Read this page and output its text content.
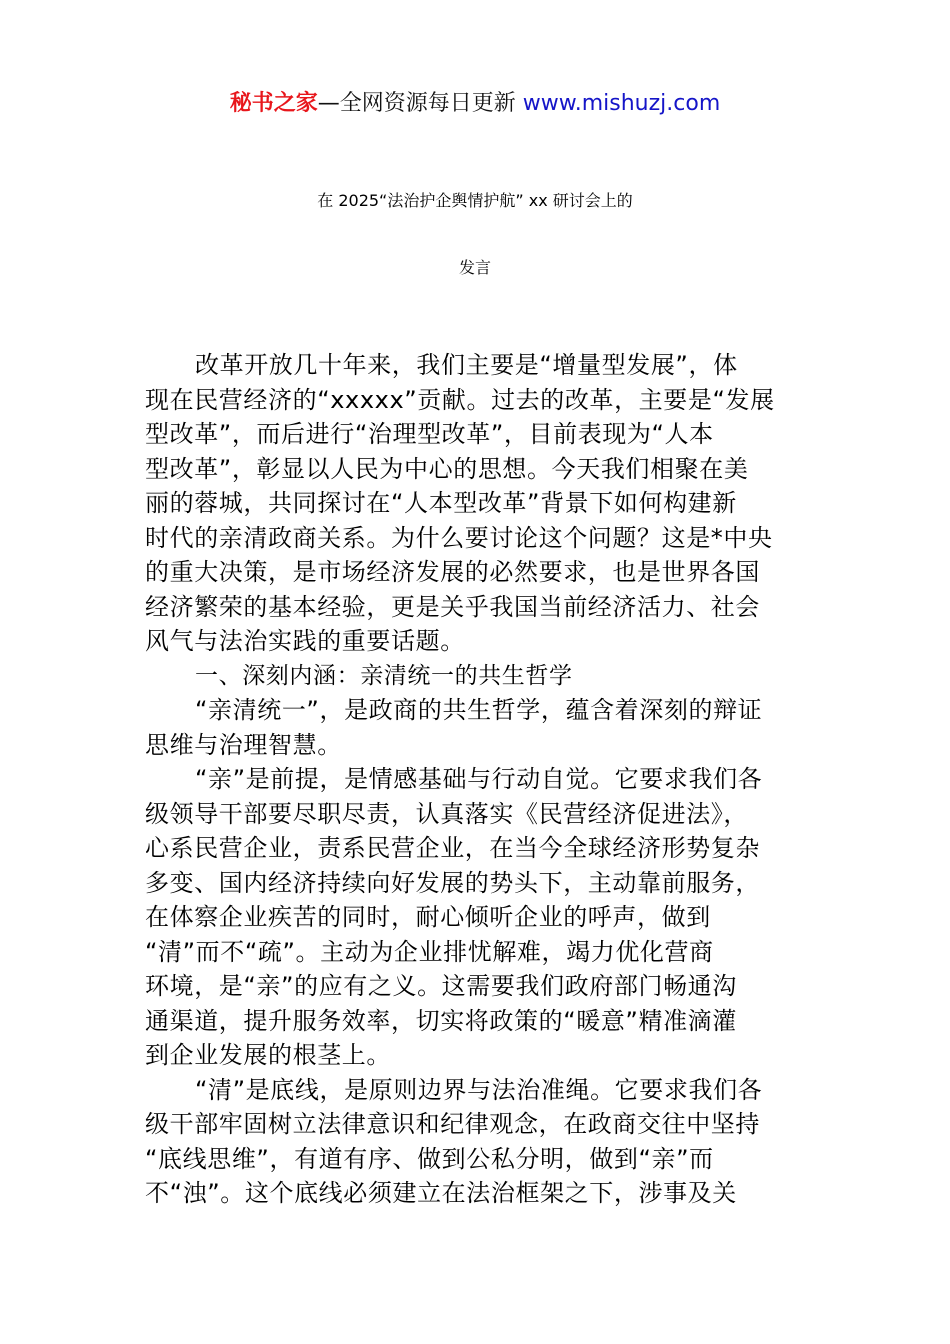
秘书之家—全网资源每日更新 www.mishuzj.com
在 2025“法治护企舆情护航” xx 研讨会上的
发言
改革开放几十年来，我们主要是“增量型发展”，体
现在民营经济的“xxxxx”贡献。过去的改革，主要是“发展
型改革”，而后进行“治理型改革”，目前表现为“人本
型改革”，彰显以人民为中心的思想。今天我们相聚在美
丽的蓉城，共同探讨在“人本型改革”背景下如何构建新
时代的亲清政商关系。为什么要讨论这个问题？这是*中央
的重大决策，是市场经济发展的必然要求，也是世界各国
经济繁荣的基本经验，更是关乎我国当前经济活力、社会
风气与法治实践的重要话题。
一、深刻内涵：亲清统一的共生哲学
“亲清统一”，是政商的共生哲学，蕴含着深刻的辩证
思维与治理智慧。
“亲”是前提，是情感基础与行动自觉。它要求我们各
级领导干部要尽职尽责，认真落实《民营经济促进法》，
心系民营企业，责系民营企业，在当今全球经济形势复杂
多变、国内经济持续向好发展的势头下，主动靠前服务，
在体察企业疾苦的同时，耐心倾听企业的呼声，做到
“清”而不“疏”。主动为企业排忧解难，竭力优化营商
环境，是“亲”的应有之义。这需要我们政府部门畅通沟
通渠道，提升服务效率，切实将政策的“暖意”精准滴灌
到企业发展的根茎上。
“清”是底线，是原则边界与法治准绳。它要求我们各
级干部牢固树立法律意识和纪律观念，在政商交往中坚持
“底线思维”，有道有序、做到公私分明，做到“亲”而
不“浊”。这个底线必须建立在法治框架之下，涉事及关
